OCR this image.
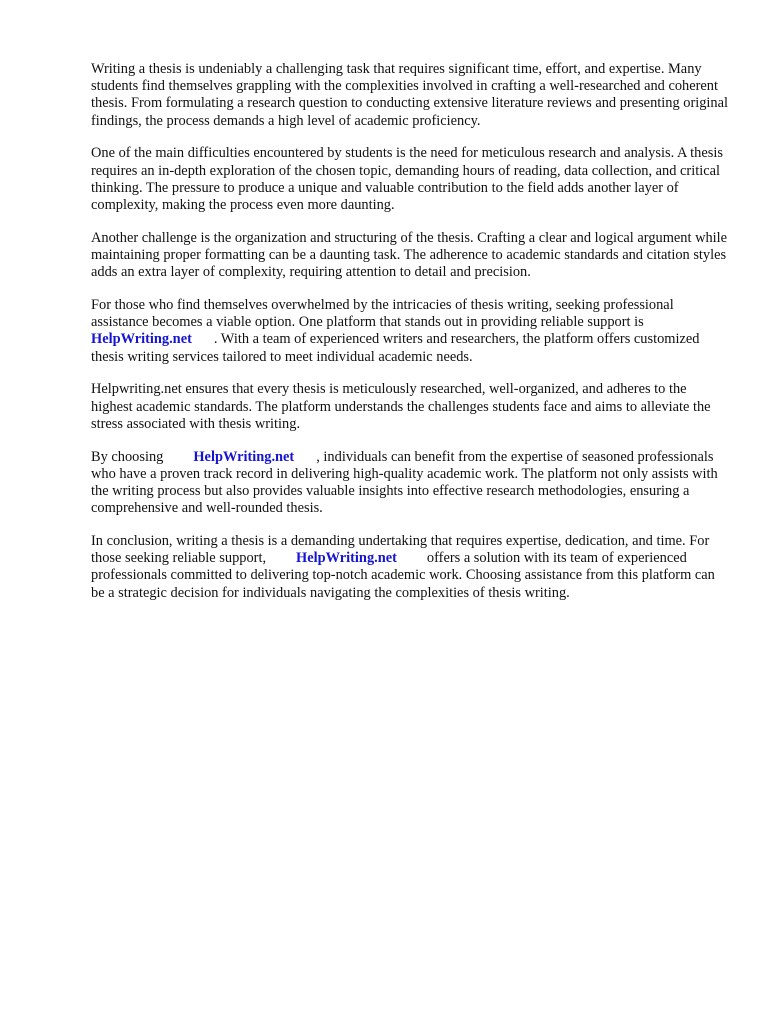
Writing a thesis is undeniably a challenging task that requires significant time, effort, and expertise. Many students find themselves grappling with the complexities involved in crafting a well-researched and coherent thesis. From formulating a research question to conducting extensive literature reviews and presenting original findings, the process demands a high level of academic proficiency.

One of the main difficulties encountered by students is the need for meticulous research and analysis. A thesis requires an in-depth exploration of the chosen topic, demanding hours of reading, data collection, and critical thinking. The pressure to produce a unique and valuable contribution to the field adds another layer of complexity, making the process even more daunting.

Another challenge is the organization and structuring of the thesis. Crafting a clear and logical argument while maintaining proper formatting can be a daunting task. The adherence to academic standards and citation styles adds an extra layer of complexity, requiring attention to detail and precision.

For those who find themselves overwhelmed by the intricacies of thesis writing, seeking professional assistance becomes a viable option. One platform that stands out in providing reliable support is HelpWriting.net . With a team of experienced writers and researchers, the platform offers customized thesis writing services tailored to meet individual academic needs.

Helpwriting.net ensures that every thesis is meticulously researched, well-organized, and adheres to the highest academic standards. The platform understands the challenges students face and aims to alleviate the stress associated with thesis writing.

By choosing HelpWriting.net , individuals can benefit from the expertise of seasoned professionals who have a proven track record in delivering high-quality academic work. The platform not only assists with the writing process but also provides valuable insights into effective research methodologies, ensuring a comprehensive and well-rounded thesis.

In conclusion, writing a thesis is a demanding undertaking that requires expertise, dedication, and time. For those seeking reliable support, HelpWriting.net offers a solution with its team of experienced professionals committed to delivering top-notch academic work. Choosing assistance from this platform can be a strategic decision for individuals navigating the complexities of thesis writing.
